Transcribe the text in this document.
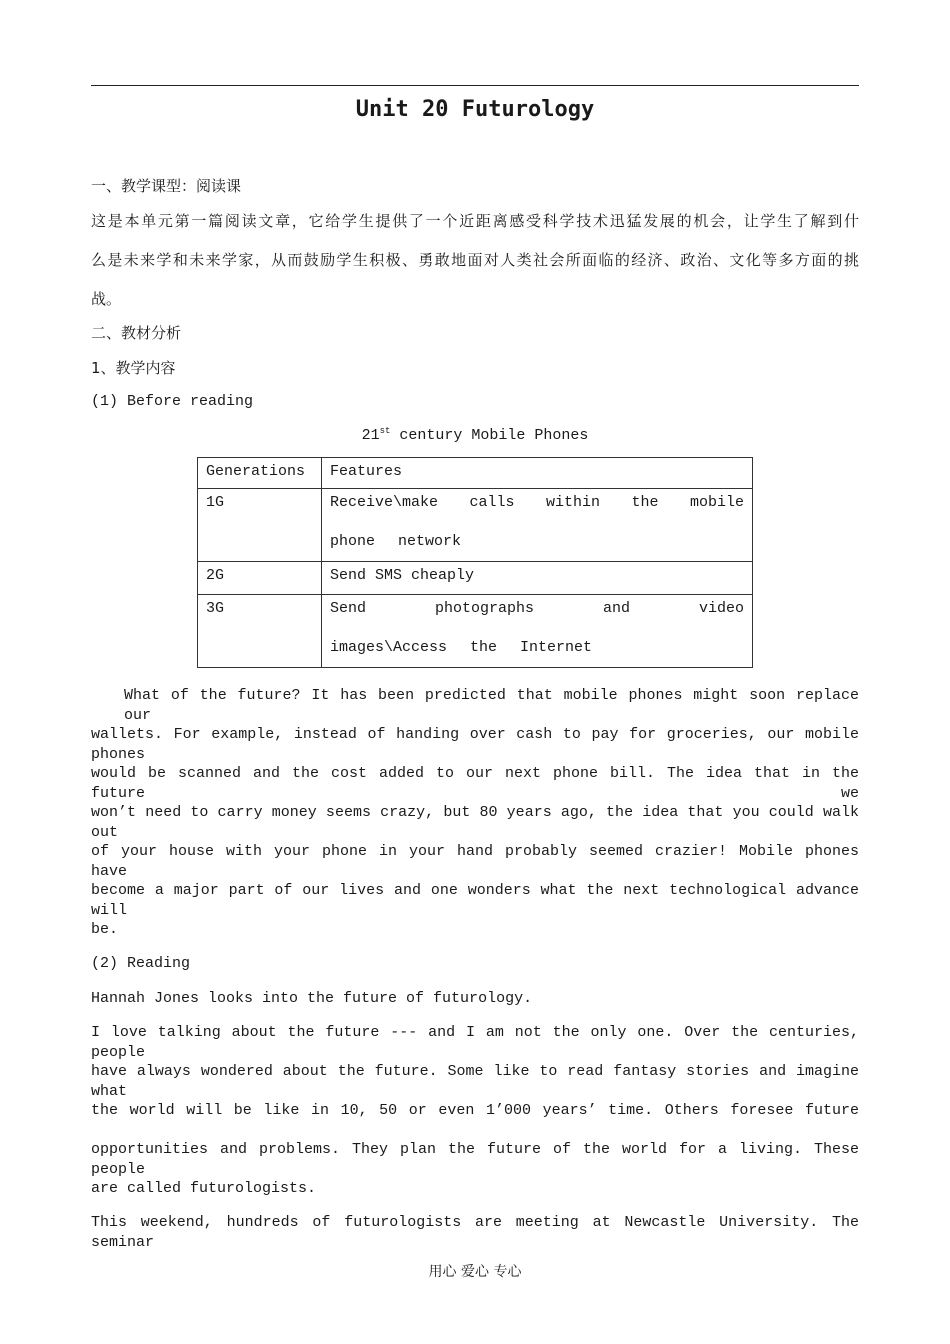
Unit 20 Futurology
一、教学课型：阅读课
这是本单元第一篇阅读文章，它给学生提供了一个近距离感受科学技术迅猛发展的机会，让学生了解到什
么是未来学和未来学家，从而鼓励学生积极、勇敢地面对人类社会所面临的经济、政治、文化等多方面的挑
战。
二、教材分析
1、教学内容
(1) Before reading
21st century Mobile Phones
Generations	Features
1G	Receive\make calls within the mobile phone network

2G	Send SMS cheaply
3G	Send photographs and video images\Access the Internet
What of the future? It has been predicted that mobile phones might soon replace our
wallets. For example, instead of handing over cash to pay for groceries, our mobile phones
would be scanned and the cost added to our next phone bill. The idea that in the future we
won’t need to carry money seems crazy, but 80 years ago, the idea that you could walk out
of your house with your phone in your hand probably seemed crazier! Mobile phones have
become a major part of our lives and one wonders what the next technological advance will
be.
(2) Reading
Hannah Jones looks into the future of futurology.
I love talking about the future --- and I am not the only one. Over the centuries, people
have always wondered about the future. Some like to read fantasy stories and imagine what
the world will be like in 10, 50 or even 1’000 years’ time. Others foresee future
opportunities and problems. They plan the future of the world for a living. These people
are called futurologists.
This weekend, hundreds of futurologists are meeting at Newcastle University. The seminar
用心 爱心 专心
